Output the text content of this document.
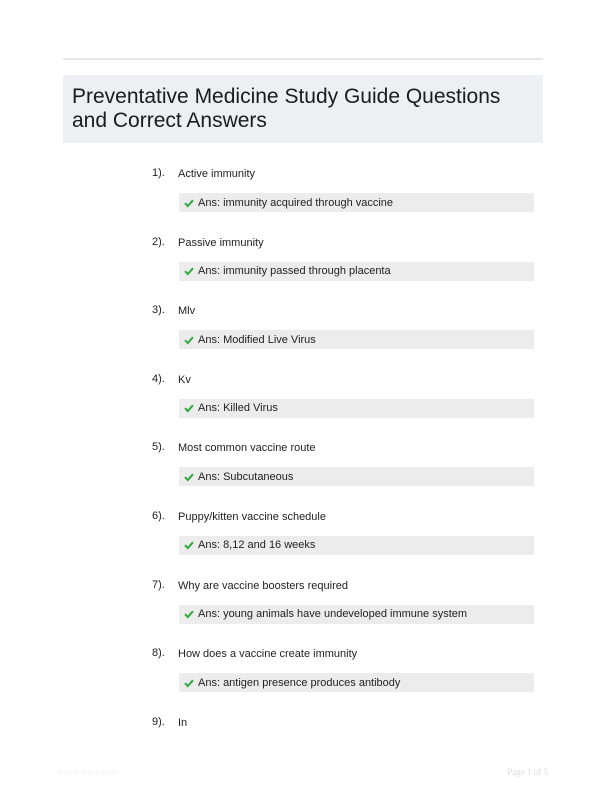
Preventative Medicine Study Guide Questions and Correct Answers
1). Active immunity
Ans: immunity acquired through vaccine
2). Passive immunity
Ans: immunity passed through placenta
3). Mlv
Ans: Modified Live Virus
4). Kv
Ans: Killed Virus
5). Most common vaccine route
Ans: Subcutaneous
6). Puppy/kitten vaccine schedule
Ans: 8,12 and 16 weeks
7). Why are vaccine boosters required
Ans: young animals have undeveloped immune system
8). How does a vaccine create immunity
Ans: antigen presence produces antibody
9). In
Paper Ninja.com	Page 1 of 5
